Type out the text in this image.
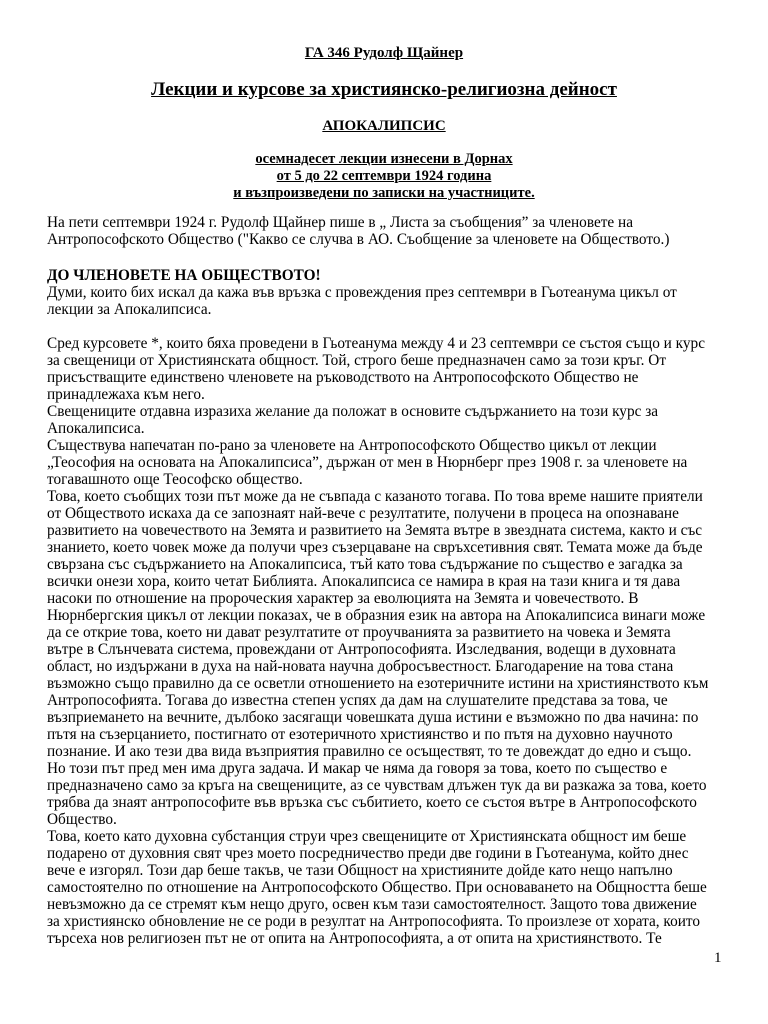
ГА 346 Рудолф Щайнер
Лекции и курсове за християнско-религиозна дейност
АПОКАЛИПСИС
осемнадесет лекции изнесени в Дорнах
от 5 до 22 септември 1924 година
и възпроизведени по записки на участниците.
На пети септември 1924 г. Рудолф Щайнер пише в „ Листа за съобщения” за членовете на
Антропософското Общество ("Какво се случва в АО. Съобщение за членовете на Обществото.)
ДО ЧЛЕНОВЕТЕ НА ОБЩЕСТВОТО!
Думи, които бих искал да кажа във връзка с провеждения през септември в Гьотеанума цикъл от
лекции за Апокалипсиса.
Сред курсовете *, които бяха проведени в Гьотеанума между 4 и 23 септември се състоя също и курс
за свещеници от Християнската общност. Той, строго беше предназначен само за този кръг. От
присъстващите единствено членовете на ръководството на Антропософското Общество не
принадлежаха към него.
Свещениците отдавна изразиха желание да положат в основите съдържанието на този курс за
Апокалипсиса.
Съществува напечатан по-рано за членовете на Антропософското Общество цикъл от лекции
„Теософия на основата на Апокалипсиса”, държан от мен в Нюрнберг през 1908 г. за членовете на
тогавашното още Теософско общество.
Това, което съобщих този път може да не съвпада с казаното тогава. По това време нашите приятели
от Обществото искаха да се запознаят най-вече с резултатите, получени в процеса на опознаване
развитието на човечеството на Земята и развитието на Земята вътре в звездната система, както и със
знанието, което човек може да получи чрез съзерцаване на свръхсетивния свят. Темата може да бъде
свързана със съдържанието на Апокалипсиса, тъй като това съдържание по същество е загадка за
всички онези хора, които четат Библията. Апокалипсиса се намира в края на тази книга и тя дава
насоки по отношение на пророческия характер за еволюцията на Земята и човечеството. В
Нюрнбергския цикъл от лекции показах, че в образния език на автора на Апокалипсиса винаги може
да се открие това, което ни дават резултатите от проучванията за развитието на човека и Земята
вътре в Слънчевата система, провеждани от Антропософията. Изследвания, водещи в духовната
област, но издържани в духа на най-новата научна добросъвестност. Благодарение на това стана
възможно също правилно да се осветли отношението на езотеричните истини на християнството към
Антропософията. Тогава до известна степен успях да дам на слушателите представа за това, че
възприемането на вечните, дълбоко засягащи човешката душа истини е възможно по два начина: по
пътя на съзерцанието, постигнато от езотеричното християнство и по пътя на духовно научното
познание. И ако тези два вида възприятия правилно се осъществят, то те довеждат до едно и също.
Но този път пред мен има друга задача. И макар че няма да говоря за това, което по същество е
предназначено само за кръга на свещениците, аз се чувствам длъжен тук да ви разкажа за това, което
трябва да знаят антропософите във връзка със събитието, което се състоя вътре в Антропософското
Общество.
Това, което като духовна субстанция струи чрез свещениците от Християнската общност им беше
подарено от духовния свят чрез моето посредничество преди две години в Гьотеанума, който днес
вече е изгорял. Този дар беше такъв, че тази Общност на християните дойде като нещо напълно
самостоятелно по отношение на Антропософското Общество. При основаването на Общността беше
невъзможно да се стремят към нещо друго, освен към тази самостоятелност. Защото това движение
за християнско обновление не се роди в резултат на Антропософията. То произлезе от хората, които
търсеха нов религиозен път не от опита на Антропософията, а от опита на християнството. Те
1
